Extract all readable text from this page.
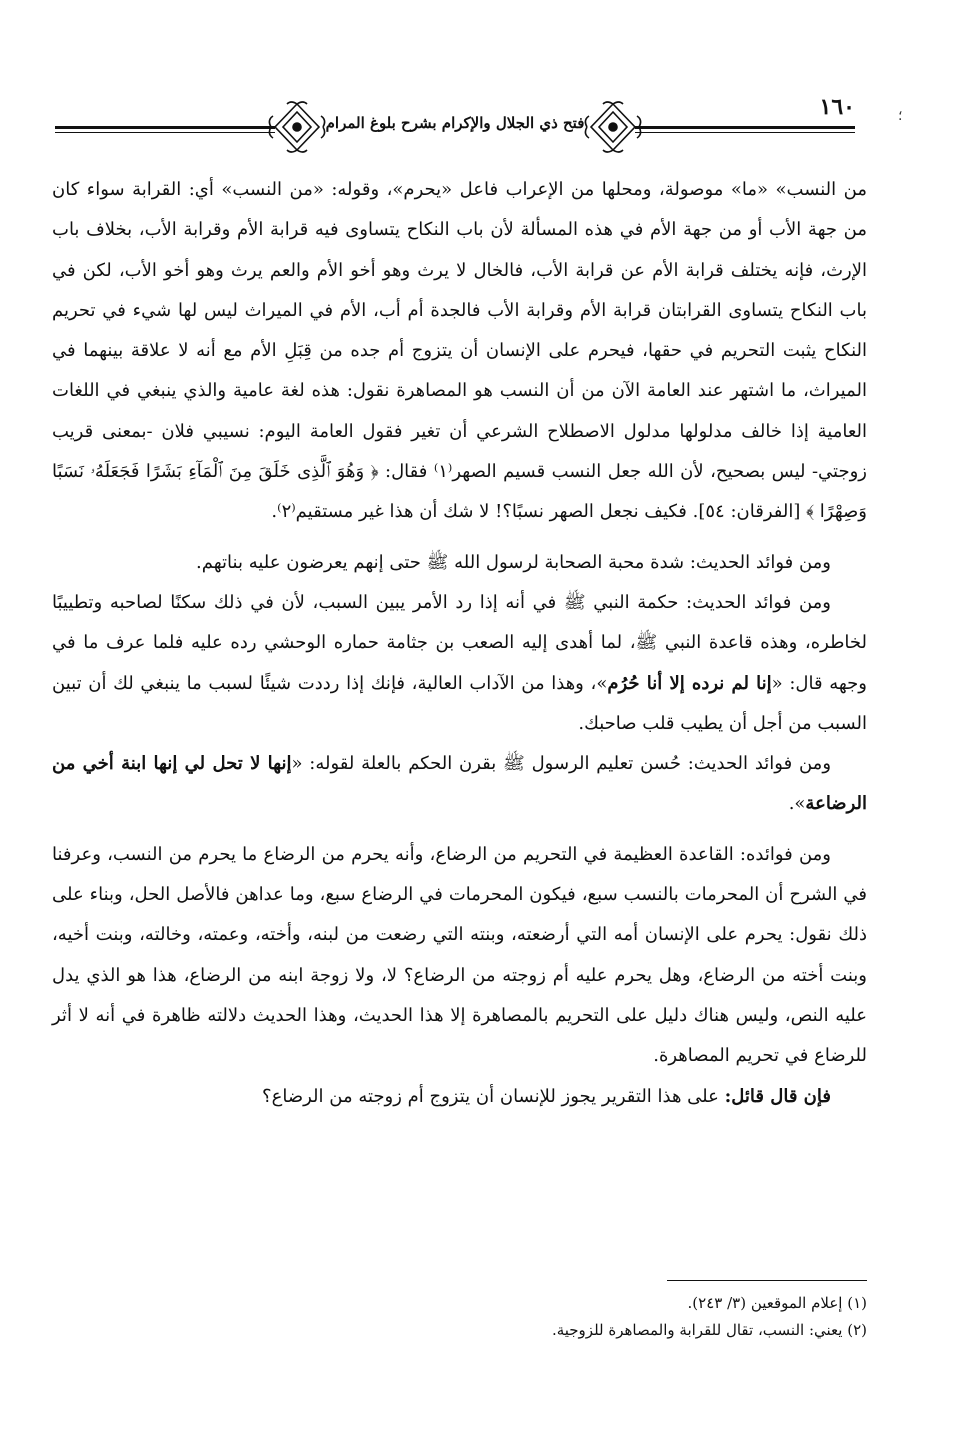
فتح ذي الجلال والإكرام بشرح بلوغ المرام
١٦٠	؛

من النسب» «ما» موصولة، ومحلها من الإعراب فاعل «يحرم»، وقوله: «من النسب» أي: القرابة سواء كان من جهة الأب أو من جهة الأم في هذه المسألة لأن باب النكاح يتساوى فيه قرابة الأم وقرابة الأب، بخلاف باب الإرث، فإنه يختلف قرابة الأم عن قرابة الأب، فالخال لا يرث وهو أخو الأم والعم يرث وهو أخو الأب، لكن في باب النكاح يتساوى القرابتان قرابة الأم وقرابة الأب فالجدة أم أب، الأم في الميراث ليس لها شيء في تحريم النكاح يثبت التحريم في حقها، فيحرم على الإنسان أن يتزوج أم جده من قِبَلِ الأم مع أنه لا علاقة بينهما في الميراث، ما اشتهر عند العامة الآن من أن النسب هو المصاهرة نقول: هذه لغة عامية والذي ينبغي في اللغات العامية إذا خالف مدلولها مدلول الاصطلاح الشرعي أن تغير فقول العامة اليوم: نسيبي فلان -بمعنى قريب زوجتي- ليس بصحيح، لأن الله جعل النسب قسيم الصهر⁽١⁾ فقال: ﴿ وَهُوَ ٱلَّذِى خَلَقَ مِنَ ٱلْمَآءِ بَشَرًا فَجَعَلَهُۥ نَسَبًا وَصِهْرًا ﴾ [الفرقان: ٥٤]. فكيف نجعل الصهر نسبًا؟! لا شك أن هذا غير مستقيم⁽٢⁾.

ومن فوائد الحديث: شدة محبة الصحابة لرسول الله ﷺ حتى إنهم يعرضون عليه بناتهم.

ومن فوائد الحديث: حكمة النبي ﷺ في أنه إذا رد الأمر يبين السبب، لأن في ذلك سكنًا لصاحبه وتطييبًا لخاطره، وهذه قاعدة النبي ﷺ، لما أهدى إليه الصعب بن جثامة حماره الوحشي رده عليه فلما عرف ما في وجهه قال: «إنا لم نرده إلا أنا حُرُم»، وهذا من الآداب العالية، فإنك إذا رددت شيئًا لسبب ما ينبغي لك أن تبين السبب من أجل أن يطيب قلب صاحبك.

ومن فوائد الحديث: حُسن تعليم الرسول ﷺ بقرن الحكم بالعلة لقوله: «إنها لا تحل لي إنها ابنة أخي من الرضاعة».

ومن فوائده: القاعدة العظيمة في التحريم من الرضاع، وأنه يحرم من الرضاع ما يحرم من النسب، وعرفنا في الشرح أن المحرمات بالنسب سبع، فيكون المحرمات في الرضاع سبع، وما عداهن فالأصل الحل، وبناء على ذلك نقول: يحرم على الإنسان أمه التي أرضعته، وبنته التي رضعت من لبنه، وأخته، وعمته، وخالته، وبنت أخيه، وبنت أخته من الرضاع، وهل يحرم عليه أم زوجته من الرضاع؟ لا، ولا زوجة ابنه من الرضاع، هذا هو الذي يدل عليه النص، وليس هناك دليل على التحريم بالمصاهرة إلا هذا الحديث، وهذا الحديث دلالته ظاهرة في أنه لا أثر للرضاع في تحريم المصاهرة.

فإن قال قائل: على هذا التقرير يجوز للإنسان أن يتزوج أم زوجته من الرضاع؟

(١) إعلام الموقعين (٣/ ٢٤٣).

(٢) يعني: النسب، تقال للقرابة والمصاهرة للزوجية.
